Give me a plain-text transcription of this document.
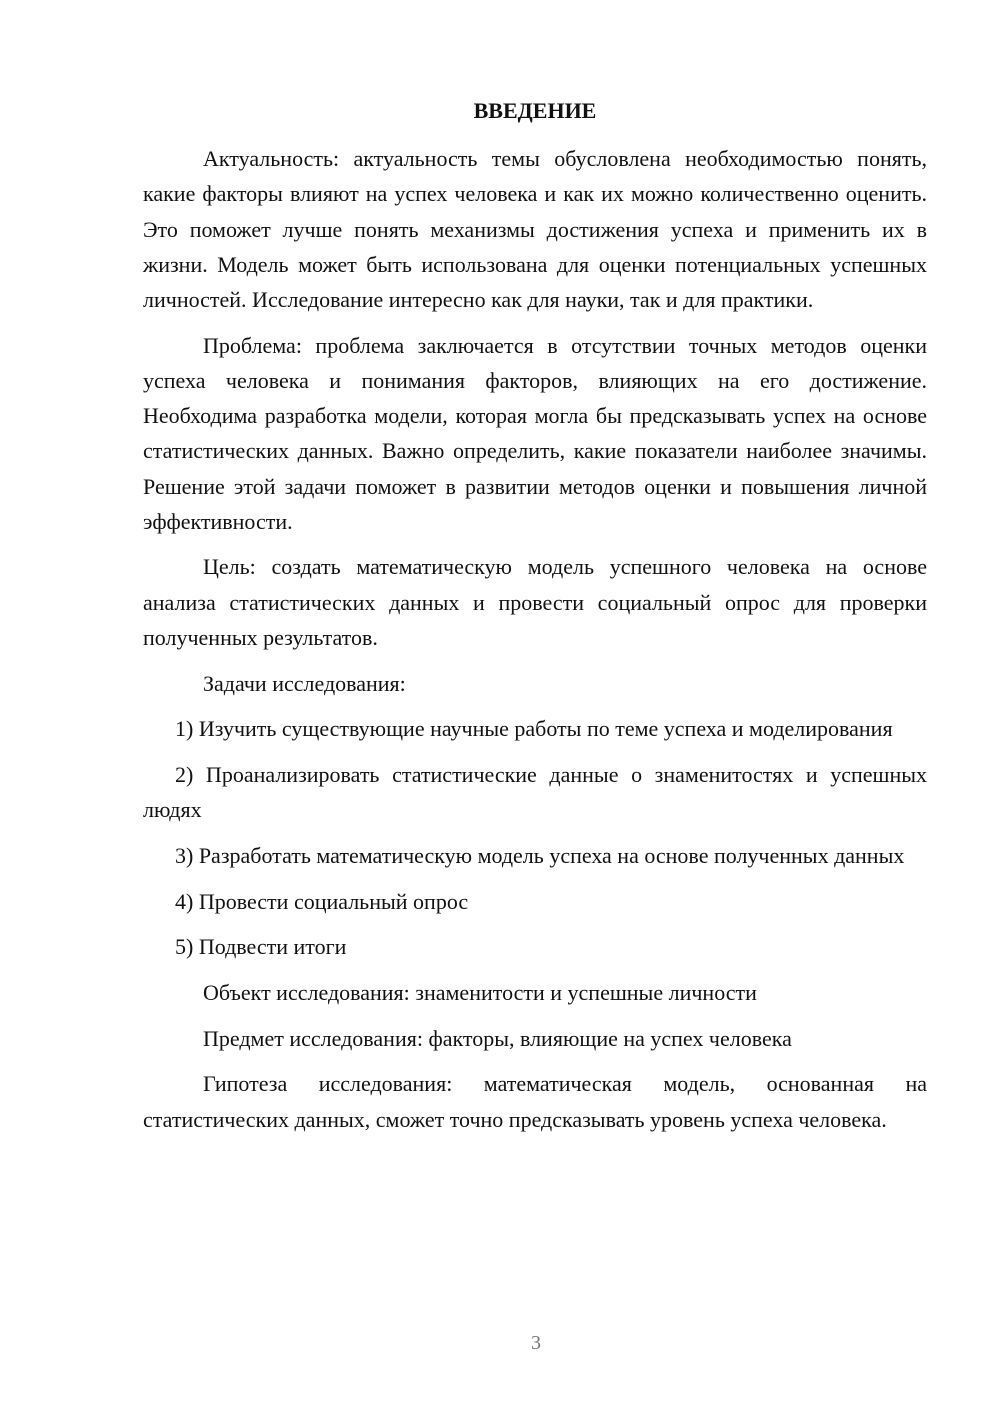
ВВЕДЕНИЕ

Актуальность: актуальность темы обусловлена необходимостью понять, какие факторы влияют на успех человека и как их можно количественно оценить. Это поможет лучше понять механизмы достижения успеха и применить их в жизни. Модель может быть использована для оценки потенциальных успешных личностей. Исследование интересно как для науки, так и для практики.

Проблема: проблема заключается в отсутствии точных методов оценки успеха человека и понимания факторов, влияющих на его достижение. Необходима разработка модели, которая могла бы предсказывать успех на основе статистических данных. Важно определить, какие показатели наиболее значимы. Решение этой задачи поможет в развитии методов оценки и повышения личной эффективности.

Цель: создать математическую модель успешного человека на основе анализа статистических данных и провести социальный опрос для проверки полученных результатов.

Задачи исследования:

1) Изучить существующие научные работы по теме успеха и моделирования

2) Проанализировать статистические данные о знаменитостях и успешных людях

3) Разработать математическую модель успеха на основе полученных данных

4) Провести социальный опрос

5) Подвести итоги

Объект исследования: знаменитости и успешные личности

Предмет исследования: факторы, влияющие на успех человека

Гипотеза исследования: математическая модель, основанная на статистических данных, сможет точно предсказывать уровень успеха человека.

3
